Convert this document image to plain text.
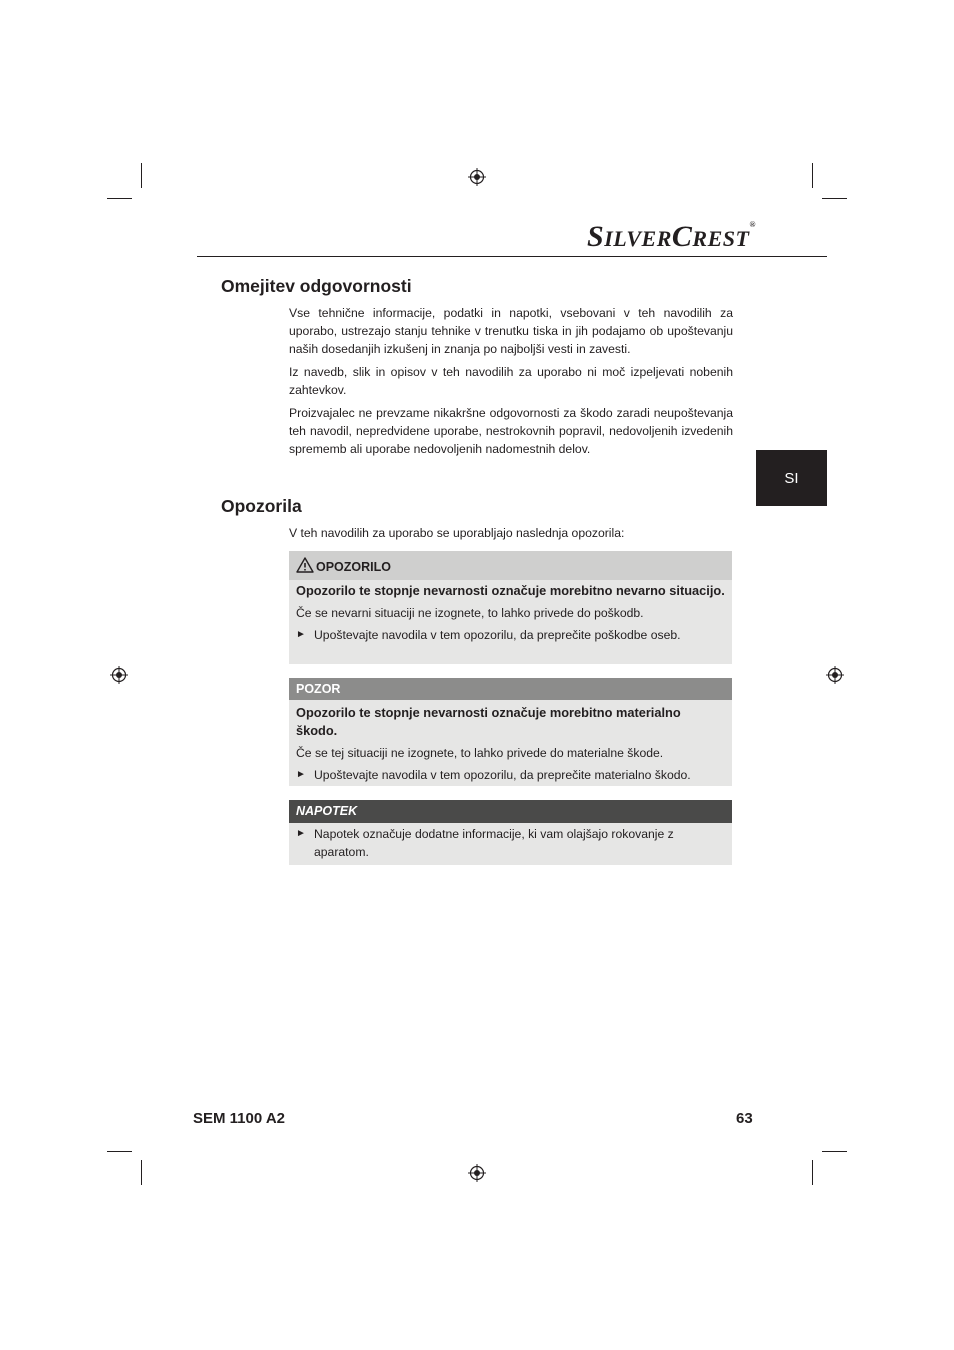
SILVERCREST®
SI
Omejitev odgovornosti

Vse tehnične informacije, podatki in napotki, vsebovani v teh navodilih za uporabo, ustrezajo stanju tehnike v trenutku tiska in jih podajamo ob upoštevanju naših dosedanjih izkušenj in znanja po najboljši vesti in zavesti.

Iz navedb, slik in opisov v teh navodilih za uporabo ni moč izpeljevati nobenih zahtevkov.

Proizvajalec ne prevzame nikakršne odgovornosti za škodo zaradi neupoštevanja teh navodil, nepredvidene uporabe, nestrokovnih popravil, nedovoljenih izvedenih sprememb ali uporabe nedovoljenih nadomestnih delov.

Opozorila

V teh navodilih za uporabo se uporabljajo naslednja opozorila:

OPOZORILO
Opozorilo te stopnje nevarnosti označuje morebitno nevarno situacijo.
Če se nevarni situaciji ne izognete, to lahko privede do poškodb.
► Upoštevajte navodila v tem opozorilu, da preprečite poškodbe oseb.
POZOR
Opozorilo te stopnje nevarnosti označuje morebitno materialno škodo.
Če se tej situaciji ne izognete, to lahko privede do materialne škode.
► Upoštevajte navodila v tem opozorilu, da preprečite materialno škodo.
NAPOTEK
► Napotek označuje dodatne informacije, ki vam olajšajo rokovanje z aparatom.
SEM 1100 A2	63
